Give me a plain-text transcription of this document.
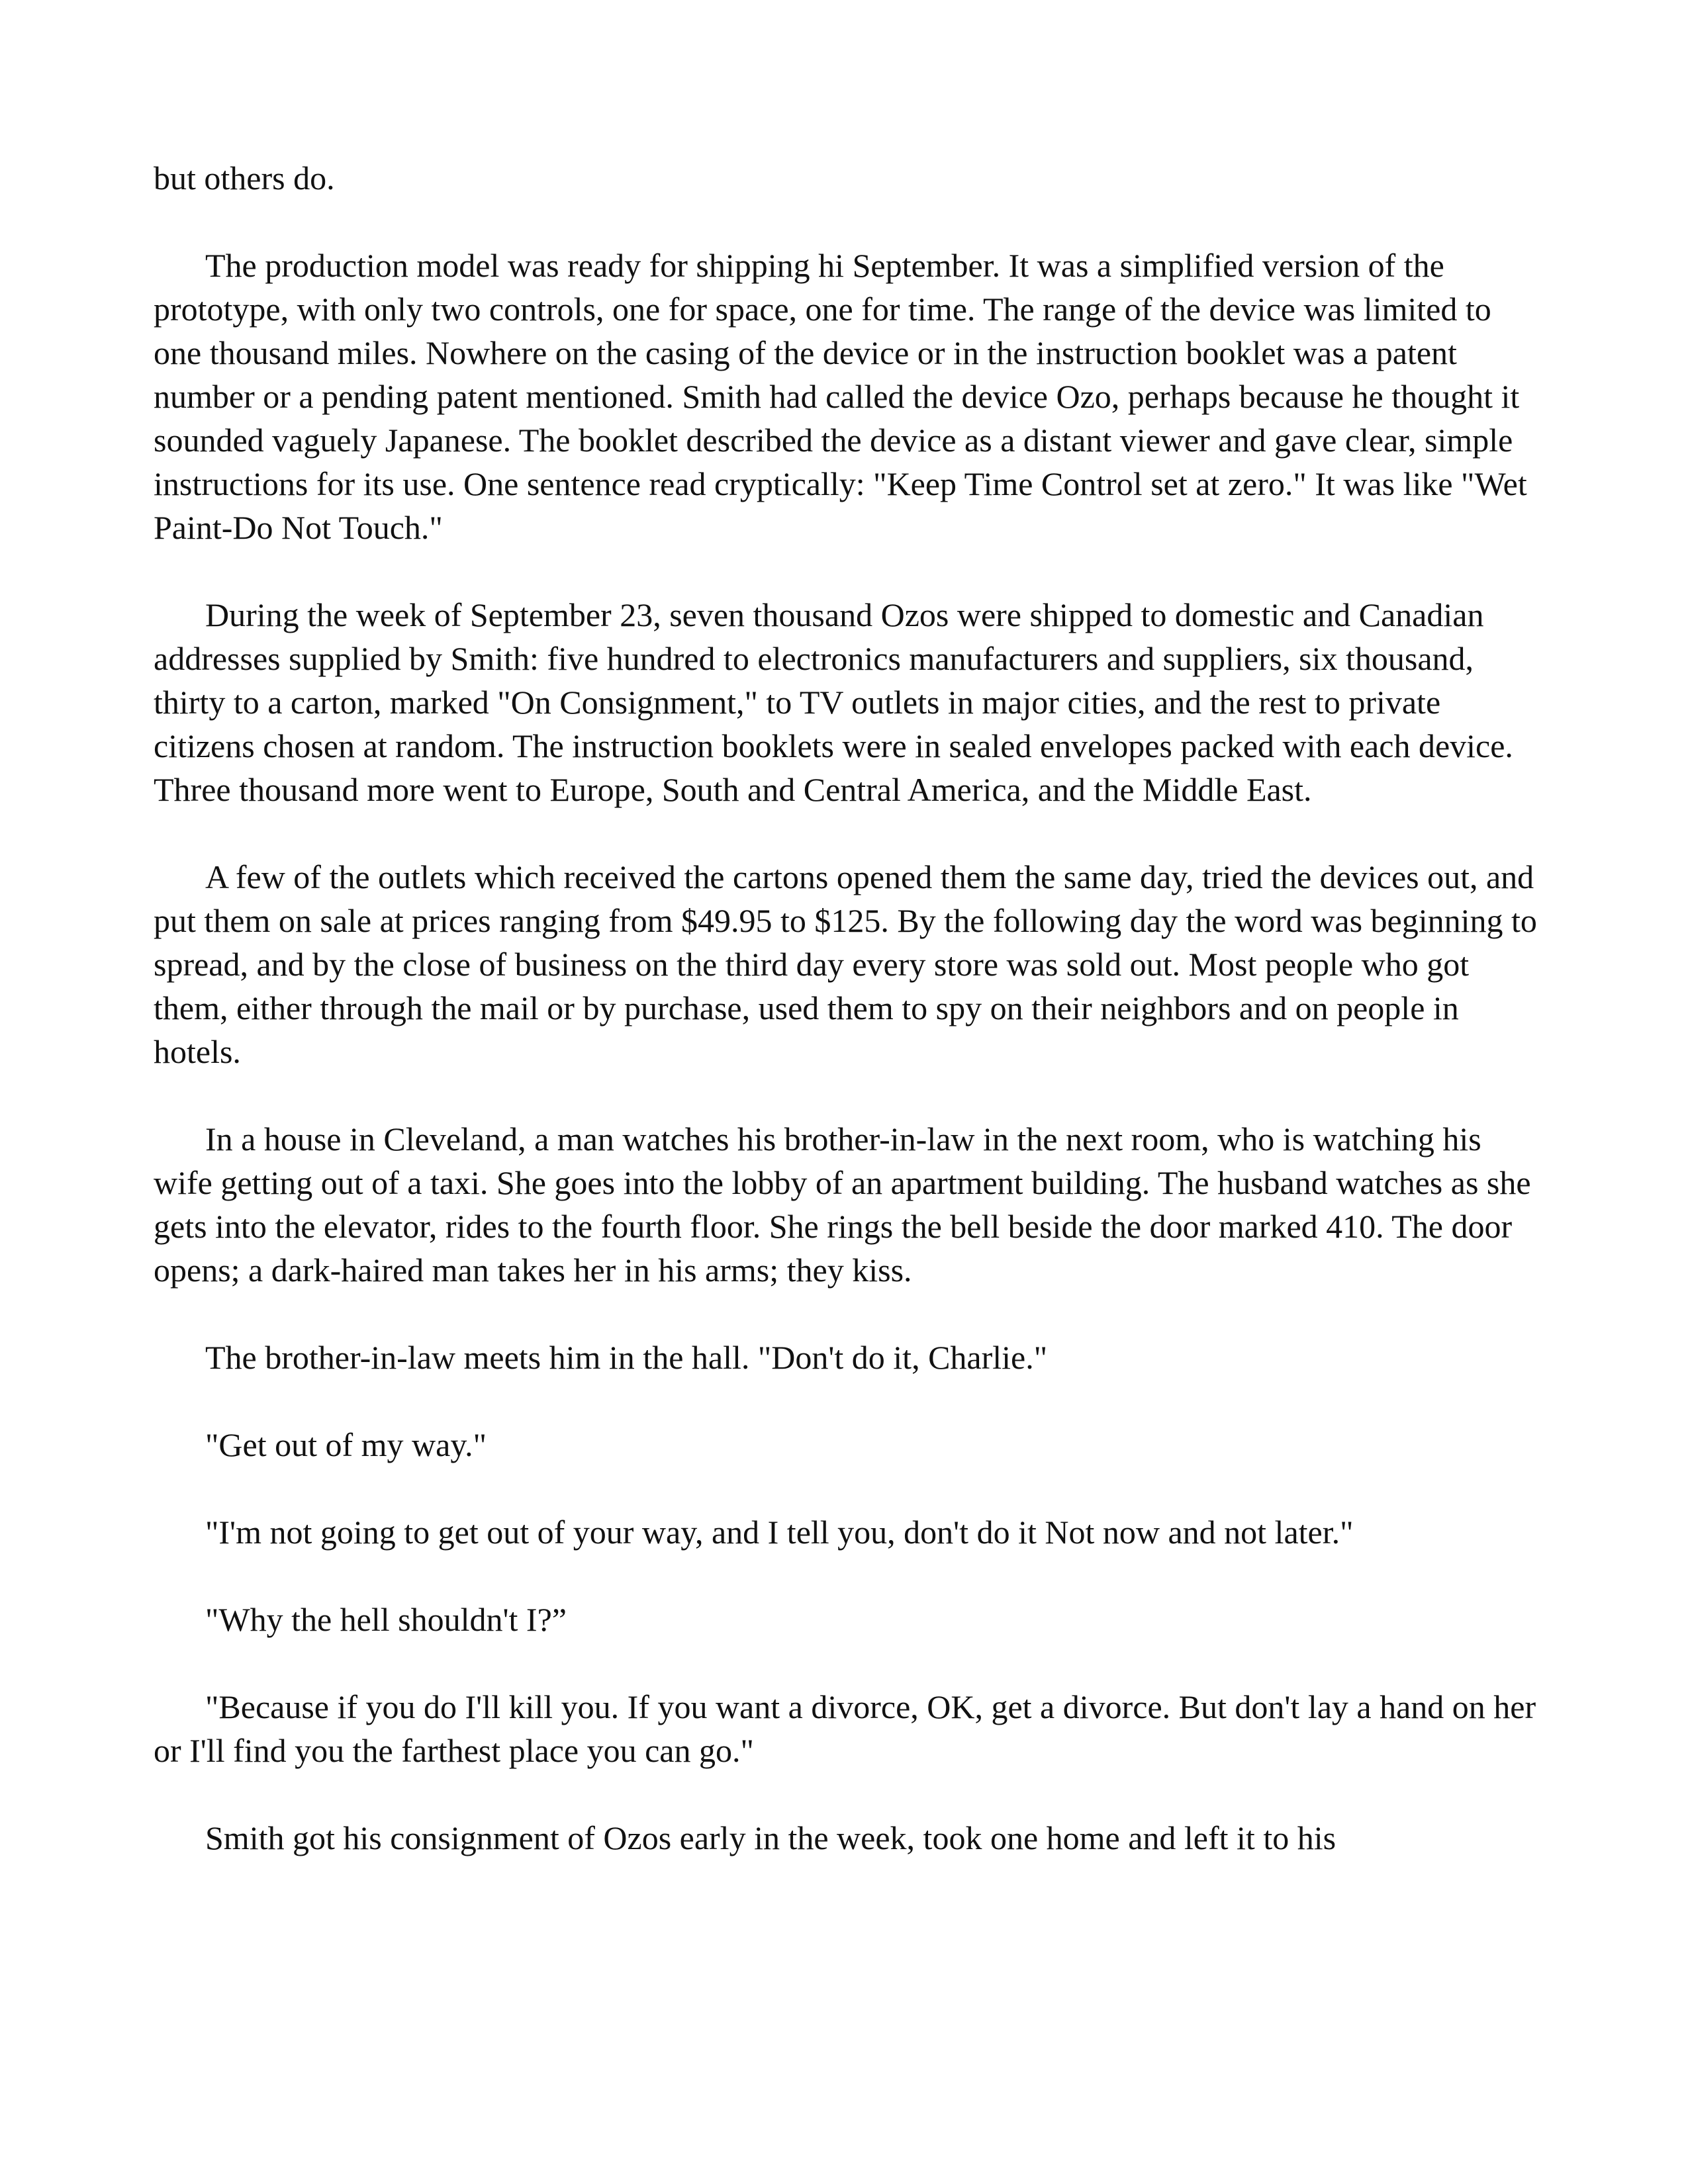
but others do.

The production model was ready for shipping hi September. It was a simplified version of the prototype, with only two controls, one for space, one for time. The range of the device was limited to one thousand miles. Nowhere on the casing of the device or in the instruction booklet was a patent number or a pending patent mentioned. Smith had called the device Ozo, perhaps because he thought it sounded vaguely Japanese. The booklet described the device as a distant viewer and gave clear, simple instructions for its use. One sentence read cryptically: "Keep Time Control set at zero." It was like "Wet Paint-Do Not Touch."

During the week of September 23, seven thousand Ozos were shipped to domestic and Canadian addresses supplied by Smith: five hundred to electronics manufacturers and suppliers, six thousand, thirty to a carton, marked "On Consignment," to TV outlets in major cities, and the rest to private citizens chosen at random. The instruction booklets were in sealed envelopes packed with each device. Three thousand more went to Europe, South and Central America, and the Middle East.

A few of the outlets which received the cartons opened them the same day, tried the devices out, and put them on sale at prices ranging from $49.95 to $125. By the following day the word was beginning to spread, and by the close of business on the third day every store was sold out. Most people who got them, either through the mail or by purchase, used them to spy on their neighbors and on people in hotels.

In a house in Cleveland, a man watches his brother-in-law in the next room, who is watching his wife getting out of a taxi. She goes into the lobby of an apartment building. The husband watches as she gets into the elevator, rides to the fourth floor. She rings the bell beside the door marked 410. The door opens; a dark-haired man takes her in his arms; they kiss.

The brother-in-law meets him in the hall. "Don't do it, Charlie."

"Get out of my way."

"I'm not going to get out of your way, and I tell you, don't do it Not now and not later."

"Why the hell shouldn't I?”

"Because if you do I'll kill you. If you want a divorce, OK, get a divorce. But don't lay a hand on her or I'll find you the farthest place you can go."

Smith got his consignment of Ozos early in the week, took one home and left it to his
